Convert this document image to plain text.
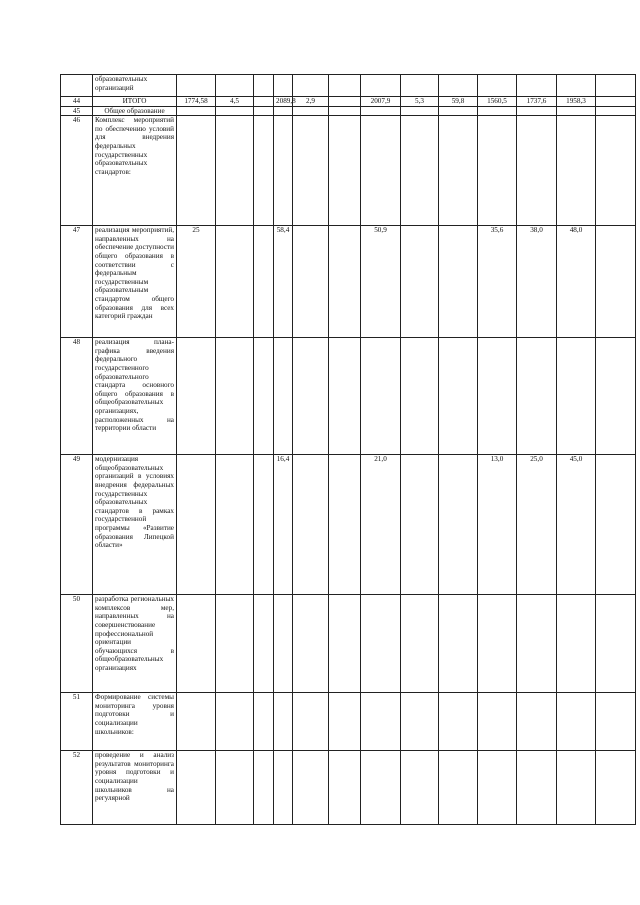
	образовательных организаций													

44	ИТОГО	1774,58	4,5		2089,8	2,9		2007,9	5,3	59,8	1560,5	1737,6	1958,3	
45	Общее образование													

46	Комплекс мероприятий по обеспечению условий для внедрения федеральных государственных образовательных стандартов:													

47	реализация мероприятий, направленных на обеспечение доступности общего образования в соответствии с федеральным государственным образовательным стандартом общего образования для всех категорий граждан	25			58,4			50,9			35,6	38,0	48,0	
48	реализация плана-графика введения федерального государственного образовательного стандарта основного общего образования в общеобразовательных организациях, расположенных на территории области													

49	модернизация общеобразовательных организаций в условиях внедрения федеральных государственных образовательных стандартов в рамках государственной программы «Развитие образования Липецкой области»				16,4			21,0			13,0	25,0	45,0	
50	разработка региональных комплексов мер, направленных на совершенствование профессиональной ориентации обучающихся в общеобразовательных организациях													

51	Формирование системы мониторинга уровня подготовки и социализации школьников:													

52	проведение и анализ результатов мониторинга уровня подготовки и социализации школьников на регулярной													
